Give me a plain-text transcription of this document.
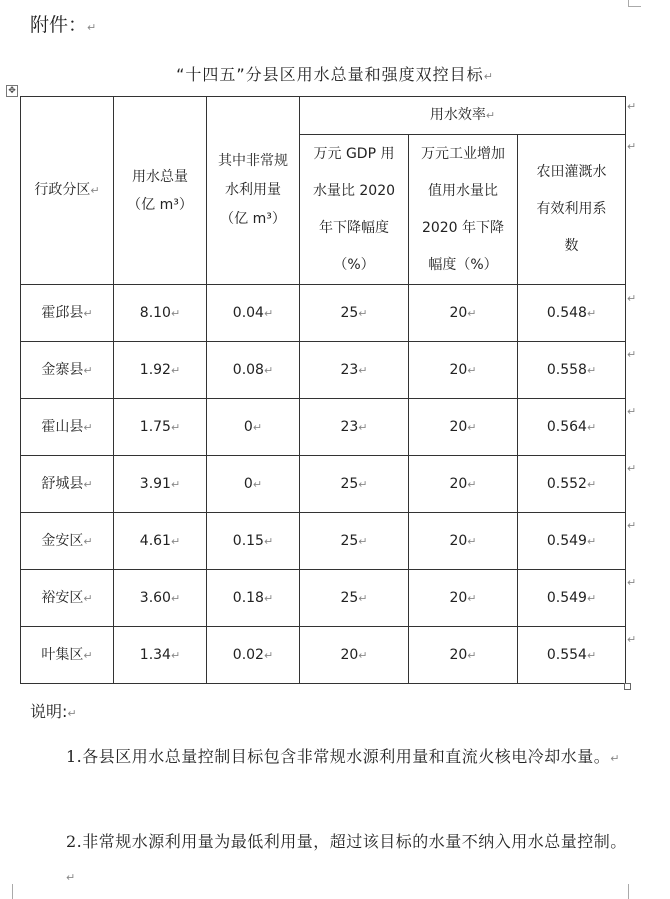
附件：↵
“十四五”分县区用水总量和强度双控目标↵
✥
行政分区↵	用水总量（亿 m³）	其中非常规水利用量（亿 m³）	用水效率↵		

			万元 GDP 用水量比 2020 年下降幅度（%）	万元工业增加值用水量比 2020 年下降幅度（%）	农田灌溉水有效利用系数

霍邱县↵	8.10↵	0.04↵	25↵	20↵	0.548↵
金寨县↵	1.92↵	0.08↵	23↵	20↵	0.558↵
霍山县↵	1.75↵	0↵	23↵	20↵	0.564↵
舒城县↵	3.91↵	0↵	25↵	20↵	0.552↵
金安区↵	4.61↵	0.15↵	25↵	20↵	0.549↵
裕安区↵	3.60↵	0.18↵	25↵	20↵	0.549↵
叶集区↵	1.34↵	0.02↵	20↵	20↵	0.554↵
↵
↵
↵
↵
↵
↵
↵
↵
↵
说明:↵
1.各县区用水总量控制目标包含非常规水源利用量和直流火核电冷却水量。↵
2.非常规水源利用量为最低利用量，超过该目标的水量不纳入用水总量控制。↵
